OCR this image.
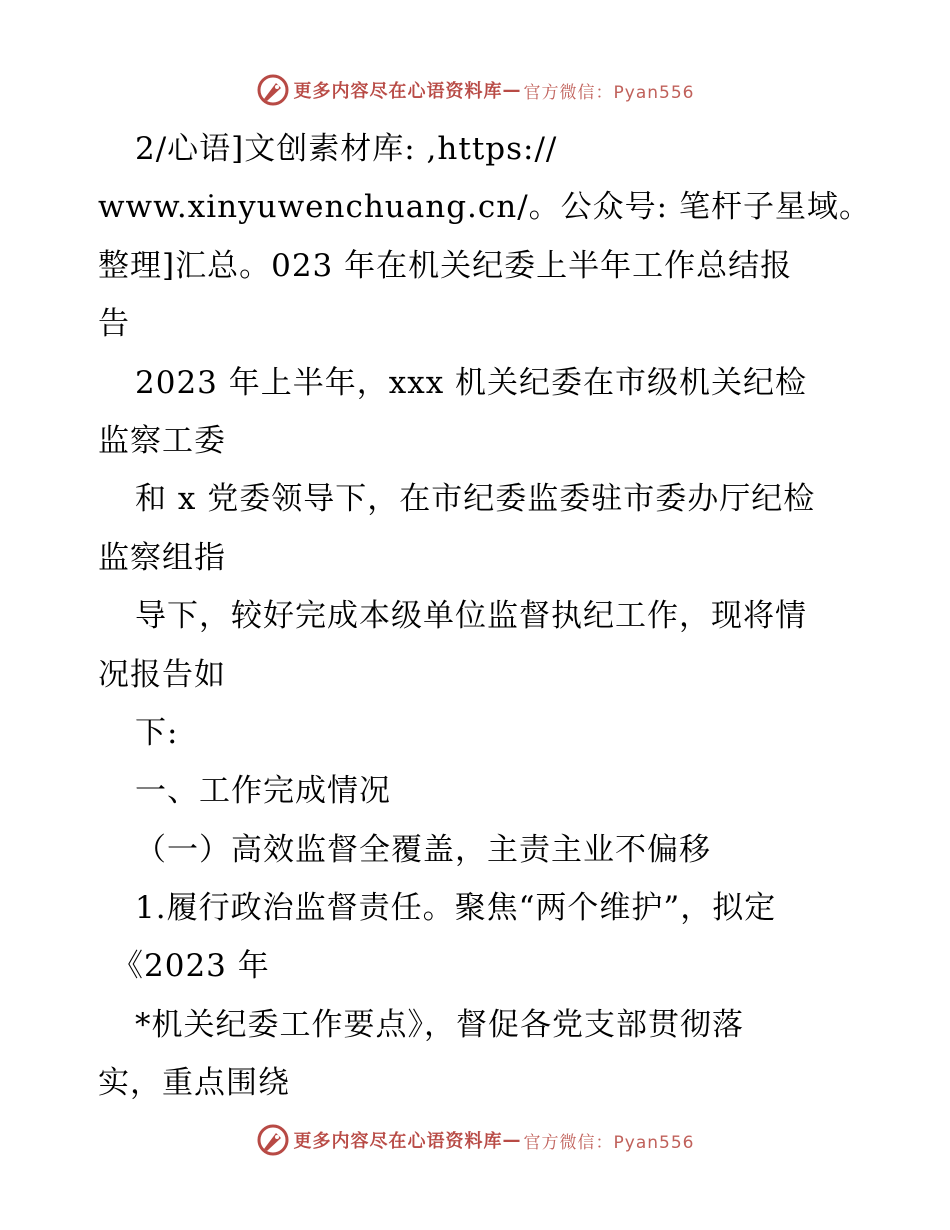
更多内容尽在心语资料库 — 官方微信：Pyan556
2/心语]文创素材库: ,https://
www.xinyuwenchuang.cn/。公众号: 笔杆子星域。
整理]汇总。023 年在机关纪委上半年工作总结报
告
2023 年上半年，xxx 机关纪委在市级机关纪检
监察工委
和 x 党委领导下，在市纪委监委驻市委办厅纪检
监察组指
导下，较好完成本级单位监督执纪工作，现将情
况报告如
下:
一、工作完成情况
（一）高效监督全覆盖，主责主业不偏移
1.履行政治监督责任。聚焦“两个维护”，拟定
《2023 年
*机关纪委工作要点》，督促各党支部贯彻落
实，重点围绕
更多内容尽在心语资料库 — 官方微信：Pyan556
